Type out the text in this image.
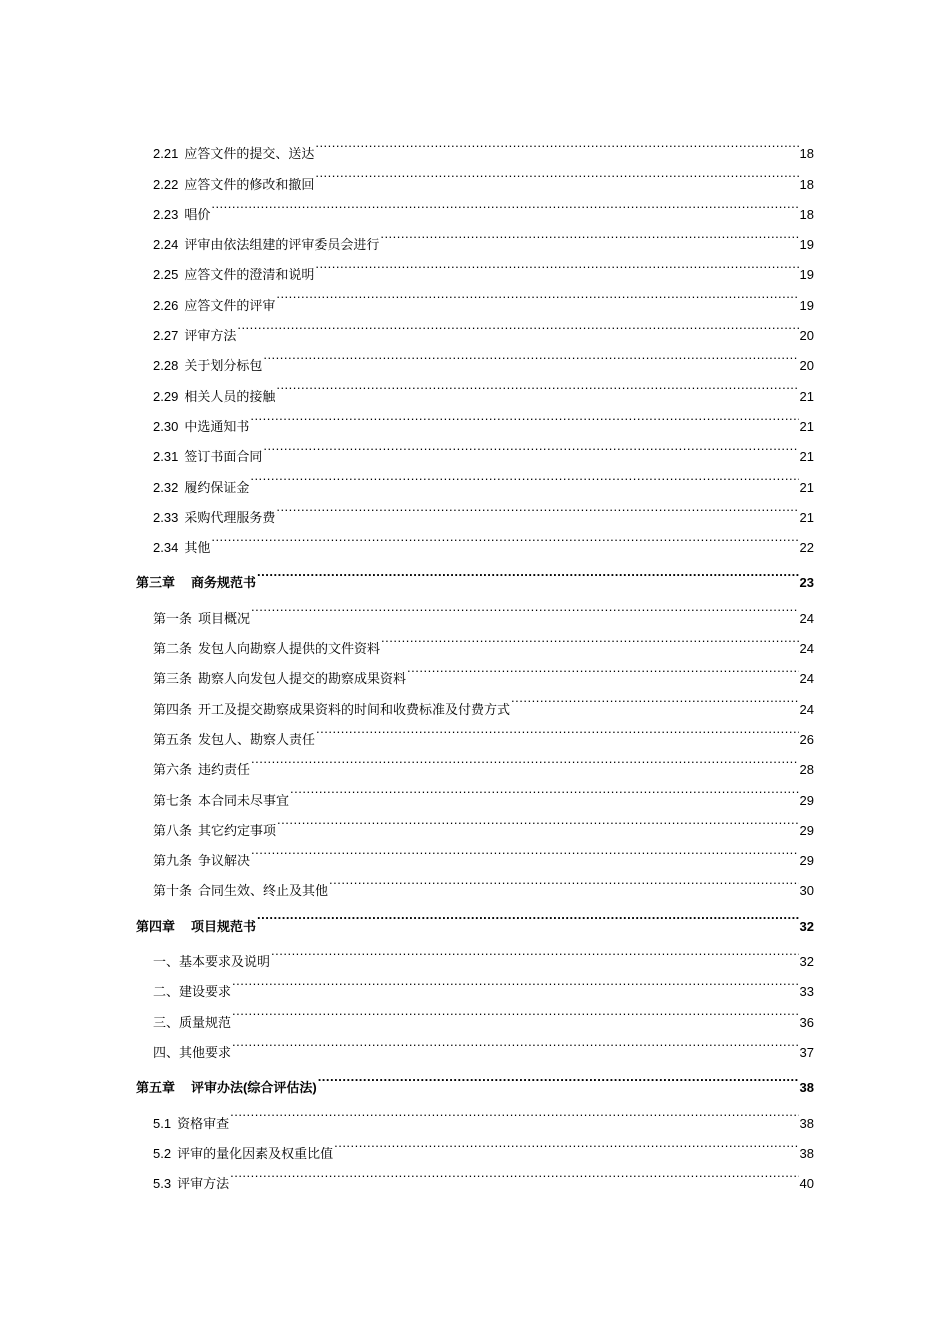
2.21 应答文件的提交、送达 .....	18
2.22 应答文件的修改和撤回 .....	18
2.23 唱价 .....	18
2.24 评审由依法组建的评审委员会进行 .....	19
2.25 应答文件的澄清和说明 .....	19
2.26 应答文件的评审 .....	19
2.27 评审方法 .....	20
2.28 关于划分标包 .....	20
2.29 相关人员的接触 .....	21
2.30 中选通知书 .....	21
2.31 签订书面合同 .....	21
2.32 履约保证金 .....	21
2.33 采购代理服务费 .....	21
2.34 其他 .....	22
第三章 商务规范书 .....	23
第一条 项目概况 .....	24
第二条 发包人向勘察人提供的文件资料 .....	24
第三条 勘察人向发包人提交的勘察成果资料 .....	24
第四条 开工及提交勘察成果资料的时间和收费标准及付费方式 .....	24
第五条 发包人、勘察人责任 .....	26
第六条 违约责任 .....	28
第七条 本合同未尽事宜 .....	29
第八条 其它约定事项 .....	29
第九条 争议解决 .....	29
第十条 合同生效、终止及其他 .....	30
第四章 项目规范书 .....	32
一、基本要求及说明 .....	32
二、建设要求 .....	33
三、质量规范 .....	36
四、其他要求 .....	37
第五章 评审办法(综合评估法) .....	38
5.1 资格审查 .....	38
5.2 评审的量化因素及权重比值 .....	38
5.3 评审方法 .....	40
